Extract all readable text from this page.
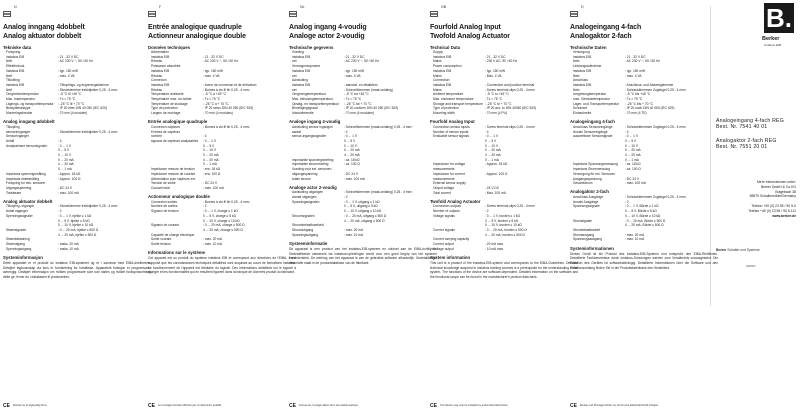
$^N$
Analog inngang 4dobbelt
Analog aktuator dobbelt
Tekniske data
Forsyning
instabus EIB	: 21 - 32 V DC
Nett	: AC 230 V ~, 50 / 60 Hz
Effektforbruk
instabus EIB	: typ. 150 mW
Nett	: max. 4 VA
Tilkobling
instabus EIB	: Tilkoplings- og avgreningsklemme
Nett	: Skrueklemmer trekkbjelker 0,25 - 4 mm²
Omgivelsestemperatur	: -5 °C til +45 °C
Max. hustemperatur	: Tᴄ = 75 °C
Lagrings- og transporttemperatur	: -25 °C til + 70 °C
Beskyttelsestype	: IP 20 etter DIN 40 050 (IEC 529)
Monteringsbredde	: 70 mm (4 moduler)
Analog inngang 4dobbelt
Tilkopling
sensorinnganger	: Skrueklemmer trekkbjelker 0,25 - 4 mm²
Sensoringanger
Antall	: 4
Analyserbare sensorsignaler	: 0 ... 1 V
0 ... 5 V
0 ... 10 V
0 ... 20 mA
4 ... 20 mA
0 ... 1 mA
Impedans spenningsmåling	: Approx. 18 kΩ
Impedans strømmåling	: Approx. 100 Ω
Forsyning for eks. sensorer
Utgangsspenning	: DC 24 V
Totalstrøm	: max. 100 mA
Analog aktuator dobbelt
Tilkopling, utganger	: Skrueklemmer trekkbjelker 0,25 - 4 mm²
Antall utganger	: 2
Spenningssignaler	: 0 ... 1 V, bjelke ≥ 1 kΩ
0 ... 5 V, bjelke ≥ 5 kΩ
0 ... 10 V, bjelke ≥ 10 kΩ
Strømsignaler	: 0 ... 20 mA, bjelke ≤ 500 Ω
4 ... 20 mA, bjelke ≤ 500 Ω
Strømbelastning
Strømutgang	: maks. 20 mA
Spenningsutgang	: maks. 10 mA
Systeminformasjon
Dette apparatet er et produkt av instabus EIB-systemet og er i samsvar med EIBA-direktivene. Detaljert fagkunnskap via kurs er forutsetning for forståelse. Apparatets funksjon er programvare-avhengig. Detaljert informasjon om hvilken programvare som kan lastes og hvilket funksjonsomfang dette gir, finner du i databasen til produsenten.
CE Montert av et fagkyndig firma.
$^F$
Entrée analogique quadruple
Actionneur analogique double
Données techniques
Alimentation
instabus EIB	: 21 - 32 V DC
Réseau	: AC 230 V ~, 50 / 60 Hz
Puissance absorbée
instabus EIB	: typ. 150 mW
Réseau	: max. 4 VA
Connexion
instabus EIB	: borne de connexion et de dérivation
Réseau	: Bornes à vis fil fin 0,25 - 4 mm²
Température ambiante	: -5 °C à +45 °C
Température max. du boîtier	: Tᴄ = 75 °C
Température de stockage	: -25 °C à + 70 °C
Type de protection	: IP 20 selon DIN 40 050 (IEC 529)
Largeur de montage	: 70 mm (4 modules)
Entrée analogique quadruple
Connexion capteurs	: Bornes à vis fil fin 0,25 - 4 mm²
Entrées de capteurs
nombre	: 4
signaux de capteurs analysables	: 0 ... 1 V
0 ... 5 V
0 ... 10 V
0 ... 20 mA
4 ... 20 mA
0 ... 1 mA
Impédance mesure de tension	: env. 18 kΩ
Impédance mesure de courant	: env. 100 Ω
Alimentation pour capteurs ext.
Tension de sortie	: DC 24 V
Courant total	: max. 100 mA
Actionneur analogique double
Connexion sorties	: Bornes à vis fil fin 0,25 - 4 mm²
Nombre de sorties	: 2
Signaux de tension	: 0 ... 1 V, charge ≥ 1 kΩ
0 ... 5 V, charge ≥ 5 kΩ
0 ... 10 V, charge ≥ 10 kΩ
Signaux de courant	: 0 ... 20 mA, charge ≤ 500 Ω
4 ... 20 mA, charge ≤ 500 Ω
Capacité de charge électrique
Sortie courant	: max. 20 mA
Sortie tension	: max. 10 mA
Informations sur le système
Cet appareil est un produit du système instabus EIB et correspond aux directives de l'EIBA. Il est supposé que les connaissances techniques détaillées sont acquises au cours de formations instabus. Le fonctionnement de l'appareil est tributaire du logiciel. Des informations détaillées sur le logiciel à charger et les fonctionnalités qui en résultent figurent dans la banque de données produit du fabricant.
CE Le montage doit être effectué par un électricien qualifié.
$^{NL}$
Analog ingang 4-voudig
Analoge actor 2-voudig
Technische gegevens
Voeding
instabus EIB	: 21 - 32 V DC
net	: AC 230 V ~, 50 / 60 Hz
Vermogensopname
instabus EIB	: typ. 150 mW
net	: max. 4 VA
Aansluiting
instabus EIB	: aansluit- en aftakklem
net	: Schroefklemmen (maat-onlating)
Omgevingstemperatuur	: -5 °C tot +45 °C
Max. behuizingstemperatuur	: Tᴄ = 75 °C
Opslag- en transporttemperatuur	: -25 °C tot + 70 °C
Beveiligingsgraad	: IP 20 conform DIN 40 050 (IEC 529)
Inbouwbreedte	: 70 mm (4 modulen)
Analoge ingang 4-voudig
Aansluiting sensor ingangen	: Schroefklemmen (maat-onlating) 0,25 - 4 mm²
aantal	: 4
sensor-ingangssignalen	: 0 ... 1 V
0 ... 5 V
0 ... 10 V
0 ... 20 mA
4 ... 20 mA
impedantie spanningsmeting	: ca. 18 kΩ
impedantie stroommeting	: ca. 100 Ω
Voeding voor ext. sensoren
uitgangsspanning	: DC 24 V
totale stroom	: max. 100 mA
Analoge actor 2-voudig
Aansluiting uitgangen	: Schroefklemmen (maat-onlating) 0,25 - 4 mm²
Aantal uitgangen	: 2
Spanningssignalen	: 0 ... 1 V, uitgang ≥ 1 kΩ
0 ... 5 V, uitgang ≥ 5 kΩ
0 ... 10 V, uitgang ≥ 10 kΩ
Stroomsignalen	: 0 ... 20 mA, uitgang ≤ 500 Ω
4 ... 20 mA, uitgang ≤ 500 Ω
Stroombelastbaarheid
Stroomuitgang	: max. 20 mA
Spanningsuitgang	: max. 10 mA
Systeeminformatie
Dit apparaat is een product van het instabus-EIB-systeem en voldoet aan de EIBA-richtlijnen. Gedetailleerde vakkennis via instabus-opleidingen wordt voor een goed begrip van het systeem verondersteld. De werking van het apparaat is van de gebruikte software afhankelijk. Gedetailleerde informatie staat in de productdatabase van de fabrikant.
CE Inbouw en montage alleen door een elektrovakman.
$^{GB}$
Fourfold Analog Input
Twofold Analog Actuator
Technical Data
Supply
instabus EIB	: 21 - 32 V DC
Mains	: 230 V AC, 50 / 60 Hz
Power consumption
instabus EIB	: typ. 150 mW
Mains	: Max. 4 VA
Connection
instabus EIB	: Connection and junction terminal
Mains	: Screw terminal clips 0,25 - 4 mm²
Ambient temperature	: -5 °C to +45 °C
Max. enclosure temperature	: Tᴄ = 75 °C
Storage and transport temperature : -25 °C to + 70 °C
Type of protection	: IP 20 acc. to DIN 40050 (IEC 529)
Mounting width	: 70 mm (4 PU)
Fourfold Analog Input
Connection sensor inputs	: Screw terminal clips 0,25 - 4 mm²
Number of sensor inputs	: 4
Evaluable sensor signals	: 0 ... 1 V
0 ... 5 V
0 ... 10 V
0 ... 20 mA
4 ... 20 mA
0 ... 1 mA
Impedance for voltage measurements
: Approx. 18 kΩ
Impedance for current measurements
: Approx. 100 Ω
External sensor supply
Output voltage	: 24 V DC
Total current	: Max. 100 mA
Twofold Analog Actuator
Connection outputs	: Screw terminal clips 0,25 - 4 mm²
Number of outputs	: 2
Voltage signals	: 0 ... 1 V, burden ≥ 1 kΩ
0 ... 5 V, burden ≥ 5 kΩ
0 ... 10 V, burden ≥ 10 kΩ
Current signals	: 0 ... 20 mA, burden ≤ 500 Ω
4 ... 20 mA, burden ≤ 500 Ω
Current carrying capacity
Current output	: 20 mA max.
Voltage output	: 10 mA max.
System information
This unit is a product of the instabus-EIB-system and corresponds to the EIBA-Guidelines. Detailed technical knowledge acquired in instabus training courses is a prerequisite for the understanding of the system. The functions of the device are software-dependent. Detailed information on the software and the functional scope can be found in the manufacturer's product data bank.
CE The device may only be installed by authorized electricians.
$^D$
Analogeingang 4-fach
Analogaktor 2-fach
Technische Daten
Versorgung
instabus EIB	: 21 - 32 V DC
Netz	: AC 230 V ~, 50 / 60 Hz
Leistungsaufnahme
instabus EIB	: typ. 150 mW
Netz	: max. 4 VA
Anschluss
instabus EIB	: Anschluss- und Abzweigklemme
Netz	: Schraubklemmen Zugbügel 0,25 - 4 mm²
Umgebungstemperatur	: -5 °C bis +45 °C
max. Gehäusetemperatur	: Tᴄ = 75 °C
Lager- und Transporttemperatur	: -25 °C bis + 70 °C
Schutzart	: IP 20 nach DIN 40 050 (IEC 529)
Einbaubreite	: 70 mm (4 TE)
Analogeingang 4-fach
Anschluss Sensoreingänge	: Schraubklemmen Zugbügel 0,25 - 4 mm²
Anzahl Sensoreingänge	: 4
auswertbare Sensorsignale	: 0 ... 1 V
0 ... 5 V
0 ... 10 V
0 ... 20 mA
4 ... 20 mA
0 ... 1 mA
Impedanz Spannungsmessung	: ca. 18 kΩ
Impedanz Strommessung	: ca. 100 Ω
Versorgung für ext. Sensoren
Ausgangsspannung	: DC 24 V
Gesamtstrom	: max. 100 mA
Analogaktor 2-fach
Anschluss Ausgänge	: Schraubklemmen Zugbügel 0,25 - 4 mm²
Anzahl Ausgänge	: 2
Spannungssignale	: 0 ... 1 V, Bürde ≥ 1 kΩ
0 ... 5 V, Bürde ≥ 5 kΩ
0 ... 10 V, Bürde ≥ 10 kΩ
Stromsignale	: 0 ... 20 mA, Bürde ≤ 500 Ω
4 ... 20 mA, Bürde ≤ 500 Ω
Strombelastbarkeit
Stromausgang	: max. 20 mA
Spannungsausgang	: max. 10 mA
Systeminformationen
Dieses Gerät ist ein Produkt des instabus-EIB-Systems und entspricht den EIBA-Richtlinien. Detaillierte Fachkenntnisse durch instabus-Schulungen werden zum Verständnis vorausgesetzt. Die Funktion des Gerätes ist softwareabhängig. Detaillierte Informationen über die Software und den Funktionsumfang finden Sie in der Produktdatenbank des Herstellers.
CE Einbau und Montage dürfen nur durch eine Elektrofachkraft erfolgen.
B.
Berker
instabus EIB
Analogeingang 4-fach REG
Best. Nr. 7541 40 01
Analogaktor 2-fach REG
Best. Nr. 7551 20 01
Mehr Informationen unter:
Berker GmbH & Co.KG
Klagebach 38
58579 Schalksmühle/Germany

Telefon +49 (0) 23 55 / 90 5-0
Telefax +49 (0) 23 55 / 90 5-111
www.berker.de
Berker Schalter und Systeme
09/2000
